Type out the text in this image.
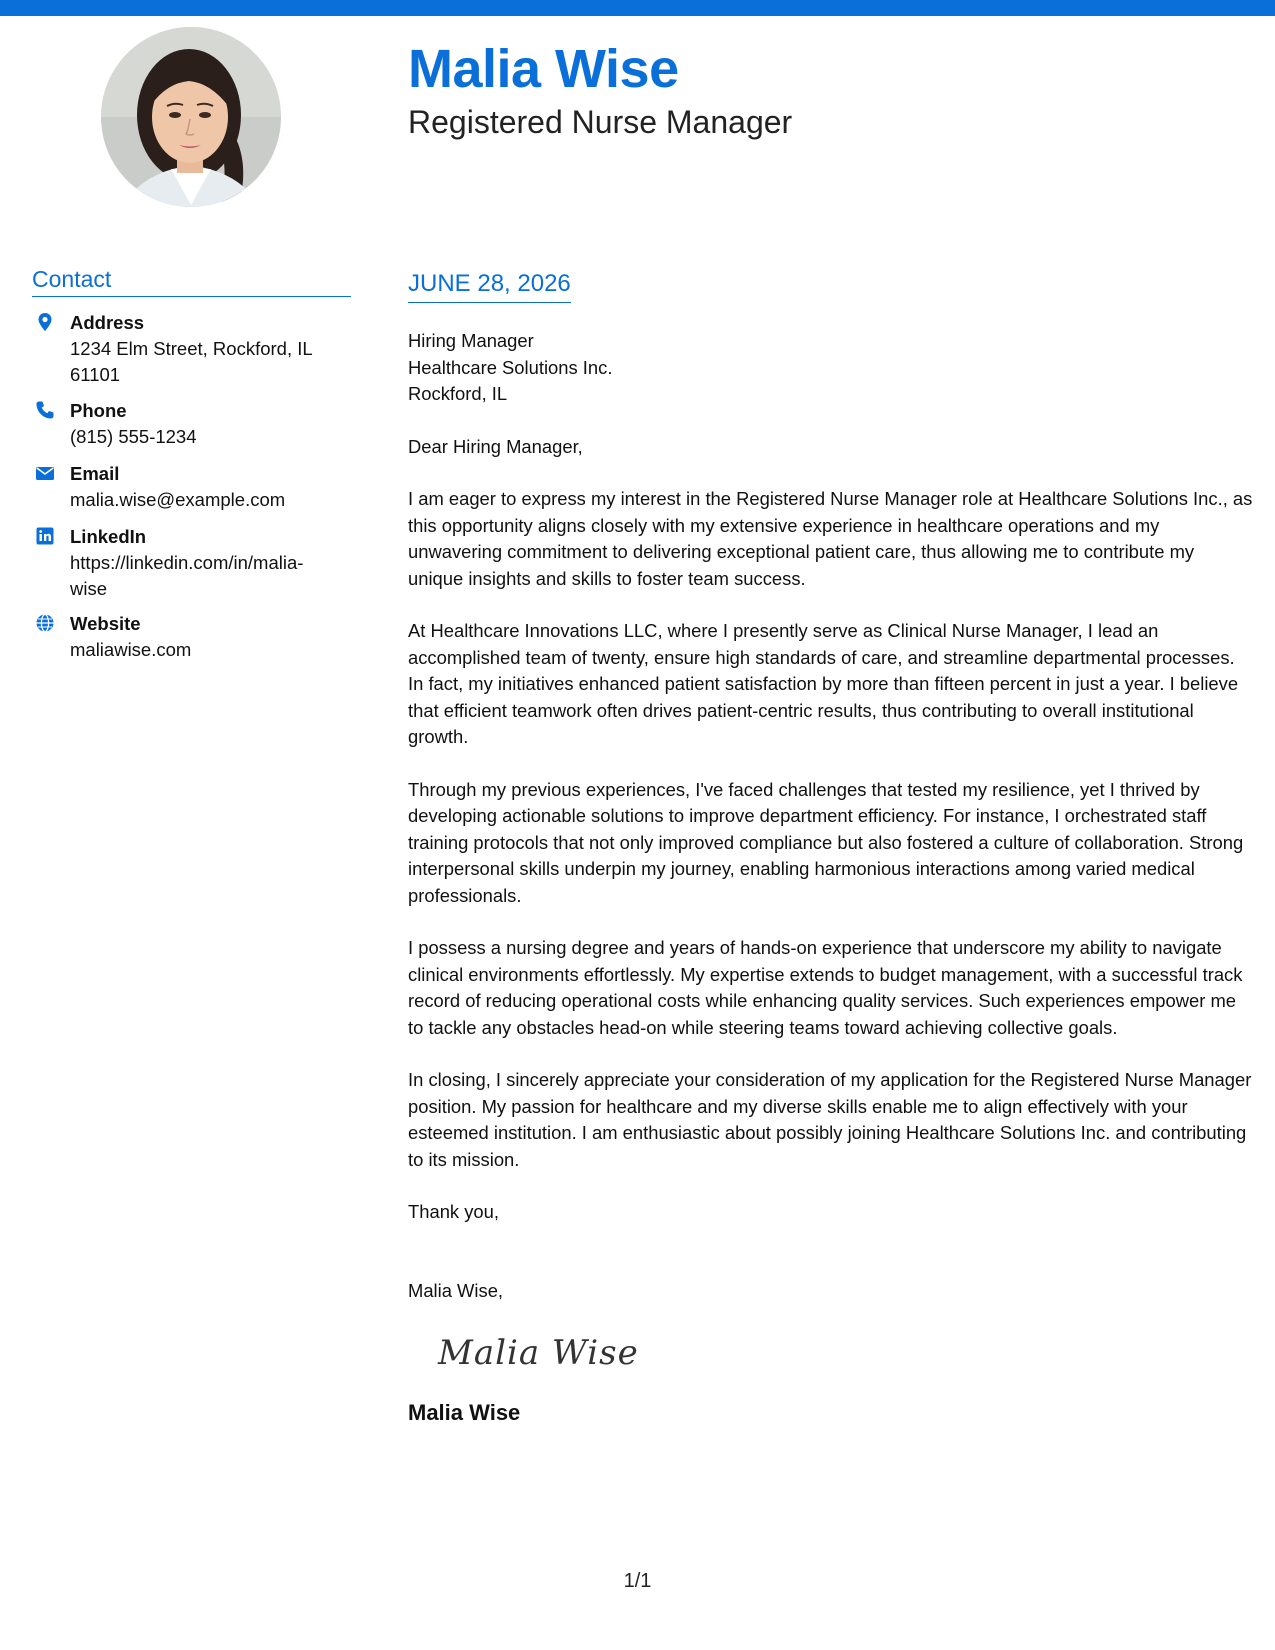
Malia Wise
Registered Nurse Manager
Contact
Address
1234 Elm Street, Rockford, IL 61101
Phone
(815) 555-1234
Email
malia.wise@example.com
LinkedIn
https://linkedin.com/in/malia-wise
Website
maliawise.com
JUNE 28, 2026

Hiring Manager
Healthcare Solutions Inc.
Rockford, IL

Dear Hiring Manager,

I am eager to express my interest in the Registered Nurse Manager role at Healthcare Solutions Inc., as this opportunity aligns closely with my extensive experience in healthcare operations and my unwavering commitment to delivering exceptional patient care, thus allowing me to contribute my unique insights and skills to foster team success.

At Healthcare Innovations LLC, where I presently serve as Clinical Nurse Manager, I lead an accomplished team of twenty, ensure high standards of care, and streamline departmental processes. In fact, my initiatives enhanced patient satisfaction by more than fifteen percent in just a year. I believe that efficient teamwork often drives patient-centric results, thus contributing to overall institutional growth.

Through my previous experiences, I've faced challenges that tested my resilience, yet I thrived by developing actionable solutions to improve department efficiency. For instance, I orchestrated staff training protocols that not only improved compliance but also fostered a culture of collaboration. Strong interpersonal skills underpin my journey, enabling harmonious interactions among varied medical professionals.

I possess a nursing degree and years of hands-on experience that underscore my ability to navigate clinical environments effortlessly. My expertise extends to budget management, with a successful track record of reducing operational costs while enhancing quality services. Such experiences empower me to tackle any obstacles head-on while steering teams toward achieving collective goals.

In closing, I sincerely appreciate your consideration of my application for the Registered Nurse Manager position. My passion for healthcare and my diverse skills enable me to align effectively with your esteemed institution. I am enthusiastic about possibly joining Healthcare Solutions Inc. and contributing to its mission.

Thank you,

Malia Wise,

Malia Wise

Malia Wise

1/1
